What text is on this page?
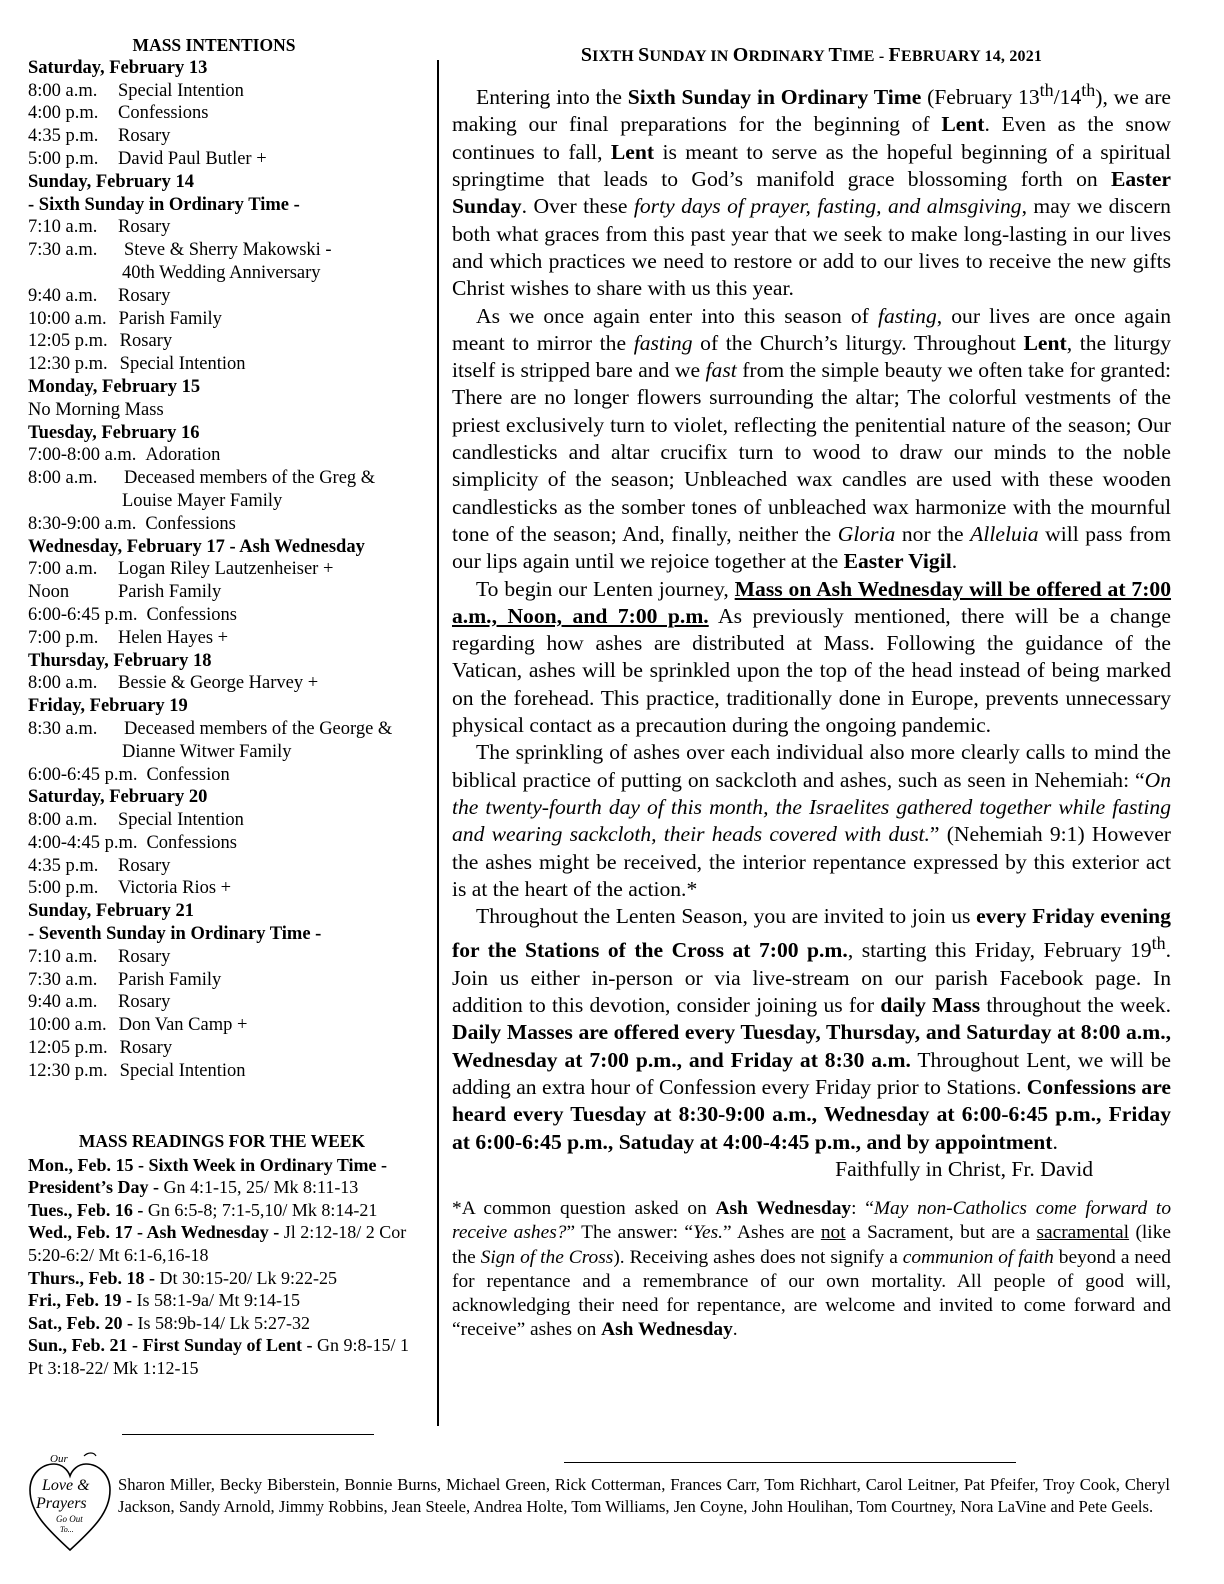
MASS INTENTIONS
Saturday, February 13
8:00 a.m.	Special Intention
4:00 p.m.	Confessions
4:35 p.m.	Rosary
5:00 p.m.	David Paul Butler +
Sunday, February 14
- Sixth Sunday in Ordinary Time -
7:10 a.m.	Rosary
7:30 a.m.	Steve & Sherry Makowski -
40th Wedding Anniversary
9:40 a.m.	Rosary
10:00 a.m. Parish Family
12:05 p.m. Rosary
12:30 p.m. Special Intention
Monday, February 15
No Morning Mass
Tuesday, February 16
7:00-8:00 a.m. Adoration
8:00 a.m.	Deceased members of the Greg &
Louise Mayer Family
8:30-9:00 a.m. Confessions
Wednesday, February 17 - Ash Wednesday
7:00 a.m.	Logan Riley Lautzenheiser +
Noon	Parish Family
6:00-6:45 p.m. Confessions
7:00 p.m.	Helen Hayes +
Thursday, February 18
8:00 a.m.	Bessie & George Harvey +
Friday, February 19
8:30 a.m.	Deceased members of the George &
Dianne Witwer Family
6:00-6:45 p.m. Confession
Saturday, February 20
8:00 a.m.	Special Intention
4:00-4:45 p.m. Confessions
4:35 p.m.	Rosary
5:00 p.m.	Victoria Rios +
Sunday, February 21
- Seventh Sunday in Ordinary Time -
7:10 a.m.	Rosary
7:30 a.m.	Parish Family
9:40 a.m.	Rosary
10:00 a.m. Don Van Camp +
12:05 p.m. Rosary
12:30 p.m. Special Intention
MASS READINGS FOR THE WEEK
Mon., Feb. 15 - Sixth Week in Ordinary Time - President’s Day - Gn 4:1-15, 25/ Mk 8:11-13
Tues., Feb. 16 - Gn 6:5-8; 7:1-5,10/ Mk 8:14-21
Wed., Feb. 17 - Ash Wednesday - Jl 2:12-18/ 2 Cor 5:20-6:2/ Mt 6:1-6,16-18
Thurs., Feb. 18 - Dt 30:15-20/ Lk 9:22-25
Fri., Feb. 19 - Is 58:1-9a/ Mt 9:14-15
Sat., Feb. 20 - Is 58:9b-14/ Lk 5:27-32
Sun., Feb. 21 - First Sunday of Lent - Gn 9:8-15/ 1 Pt 3:18-22/ Mk 1:12-15
SIXTH SUNDAY IN ORDINARY TIME - FEBRUARY 14, 2021

Entering into the Sixth Sunday in Ordinary Time (February 13th/14th), we are making our final preparations for the beginning of Lent. Even as the snow continues to fall, Lent is meant to serve as the hopeful beginning of a spiritual springtime that leads to God’s manifold grace blossoming forth on Easter Sunday. Over these forty days of prayer, fasting, and almsgiving, may we discern both what graces from this past year that we seek to make long-lasting in our lives and which practices we need to restore or add to our lives to receive the new gifts Christ wishes to share with us this year.

As we once again enter into this season of fasting, our lives are once again meant to mirror the fasting of the Church’s liturgy. Throughout Lent, the liturgy itself is stripped bare and we fast from the simple beauty we often take for granted: There are no longer flowers surrounding the altar; The colorful vestments of the priest exclusively turn to violet, reflecting the penitential nature of the season; Our candlesticks and altar crucifix turn to wood to draw our minds to the noble simplicity of the season; Unbleached wax candles are used with these wooden candlesticks as the somber tones of unbleached wax harmonize with the mournful tone of the season; And, finally, neither the Gloria nor the Alleluia will pass from our lips again until we rejoice together at the Easter Vigil.

To begin our Lenten journey, Mass on Ash Wednesday will be offered at 7:00 a.m., Noon, and 7:00 p.m. As previously mentioned, there will be a change regarding how ashes are distributed at Mass. Following the guidance of the Vatican, ashes will be sprinkled upon the top of the head instead of being marked on the forehead. This practice, traditionally done in Europe, prevents unnecessary physical contact as a precaution during the ongoing pandemic.

The sprinkling of ashes over each individual also more clearly calls to mind the biblical practice of putting on sackcloth and ashes, such as seen in Nehemiah: “On the twenty-fourth day of this month, the Israelites gathered together while fasting and wearing sackcloth, their heads covered with dust.” (Nehemiah 9:1) However the ashes might be received, the interior repentance expressed by this exterior act is at the heart of the action.*

Throughout the Lenten Season, you are invited to join us every Friday evening for the Stations of the Cross at 7:00 p.m., starting this Friday, February 19th. Join us either in-person or via live-stream on our parish Facebook page. In addition to this devotion, consider joining us for daily Mass throughout the week. Daily Masses are offered every Tuesday, Thursday, and Saturday at 8:00 a.m., Wednesday at 7:00 p.m., and Friday at 8:30 a.m. Throughout Lent, we will be adding an extra hour of Confession every Friday prior to Stations. Confessions are heard every Tuesday at 8:30-9:00 a.m., Wednesday at 6:00-6:45 p.m., Friday at 6:00-6:45 p.m., Satuday at 4:00-4:45 p.m., and by appointment.

Faithfully in Christ, Fr. David
*A common question asked on Ash Wednesday: “May non-Catholics come forward to receive ashes?” The answer: “Yes.” Ashes are not a Sacrament, but are a sacramental (like the Sign of the Cross). Receiving ashes does not signify a communion of faith beyond a need for repentance and a remembrance of our own mortality. All people of good will, acknowledging their need for repentance, are welcome and invited to come forward and “receive” ashes on Ash Wednesday.
Our
Love &
Prayers
Go Out
To...
Sharon Miller, Becky Biberstein, Bonnie Burns, Michael Green, Rick Cotterman, Frances Carr, Tom Richhart, Carol Leitner, Pat Pfeifer, Troy Cook, Cheryl Jackson, Sandy Arnold, Jimmy Robbins, Jean Steele, Andrea Holte, Tom Williams, Jen Coyne, John Houlihan, Tom Courtney, Nora LaVine and Pete Geels.
